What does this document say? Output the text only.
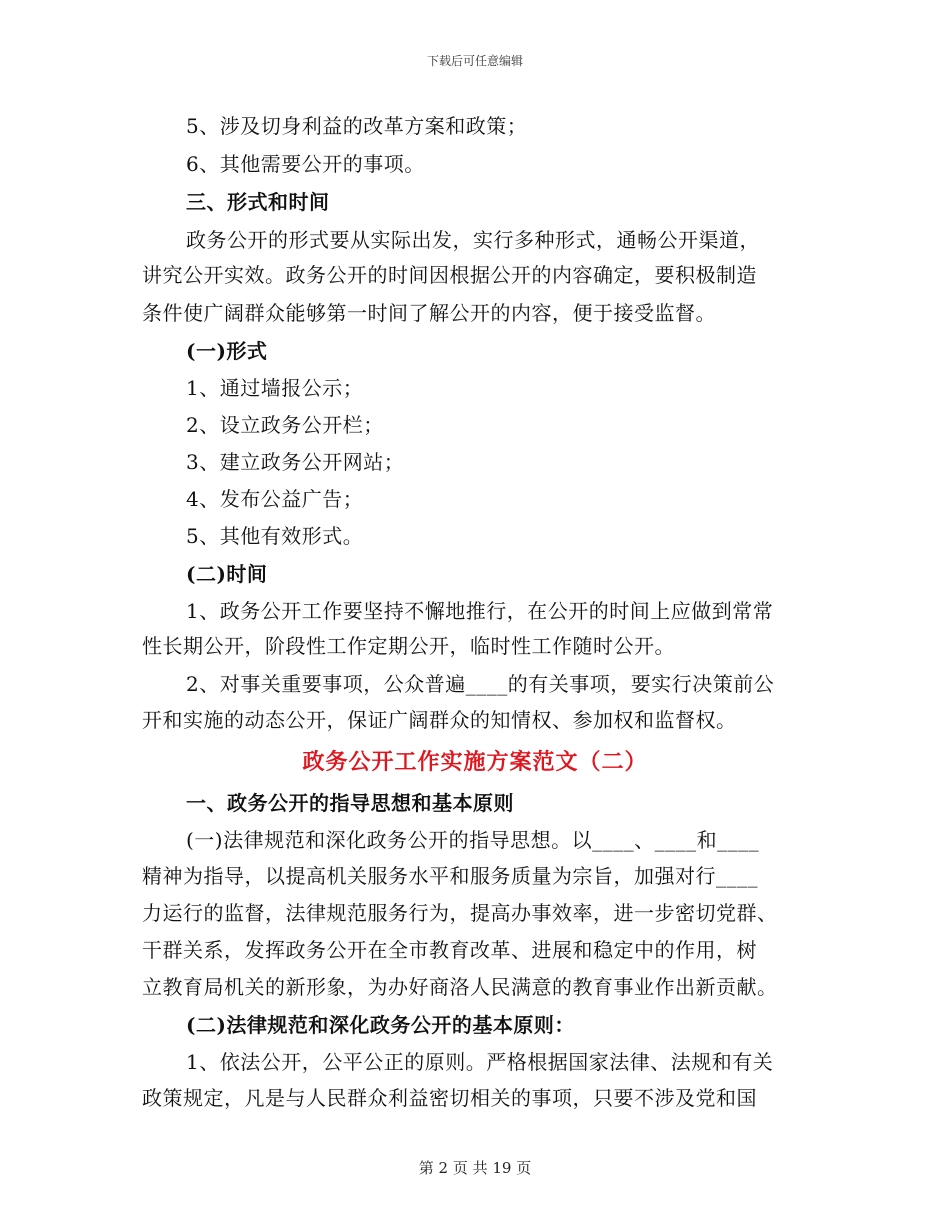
下载后可任意编辑
5、涉及切身利益的改革方案和政策；
6、其他需要公开的事项。
三、形式和时间
政务公开的形式要从实际出发，实行多种形式，通畅公开渠道，
讲究公开实效。政务公开的时间因根据公开的内容确定，要积极制造
条件使广阔群众能够第一时间了解公开的内容，便于接受监督。
(一)形式
1、通过墙报公示；
2、设立政务公开栏；
3、建立政务公开网站；
4、发布公益广告；
5、其他有效形式。
(二)时间
1、政务公开工作要坚持不懈地推行，在公开的时间上应做到常常
性长期公开，阶段性工作定期公开，临时性工作随时公开。
2、对事关重要事项，公众普遍____的有关事项，要实行决策前公
开和实施的动态公开，保证广阔群众的知情权、参加权和监督权。
一、政务公开的指导思想和基本原则
(一)法律规范和深化政务公开的指导思想。以____、____和____
精神为指导，以提高机关服务水平和服务质量为宗旨，加强对行____
力运行的监督，法律规范服务行为，提高办事效率，进一步密切党群、
干群关系，发挥政务公开在全市教育改革、进展和稳定中的作用，树
立教育局机关的新形象，为办好商洛人民满意的教育事业作出新贡献。
(二)法律规范和深化政务公开的基本原则：
1、依法公开，公平公正的原则。严格根据国家法律、法规和有关
政策规定，凡是与人民群众利益密切相关的事项，只要不涉及党和国
政务公开工作实施方案范文（二）
第 2 页 共 19 页
